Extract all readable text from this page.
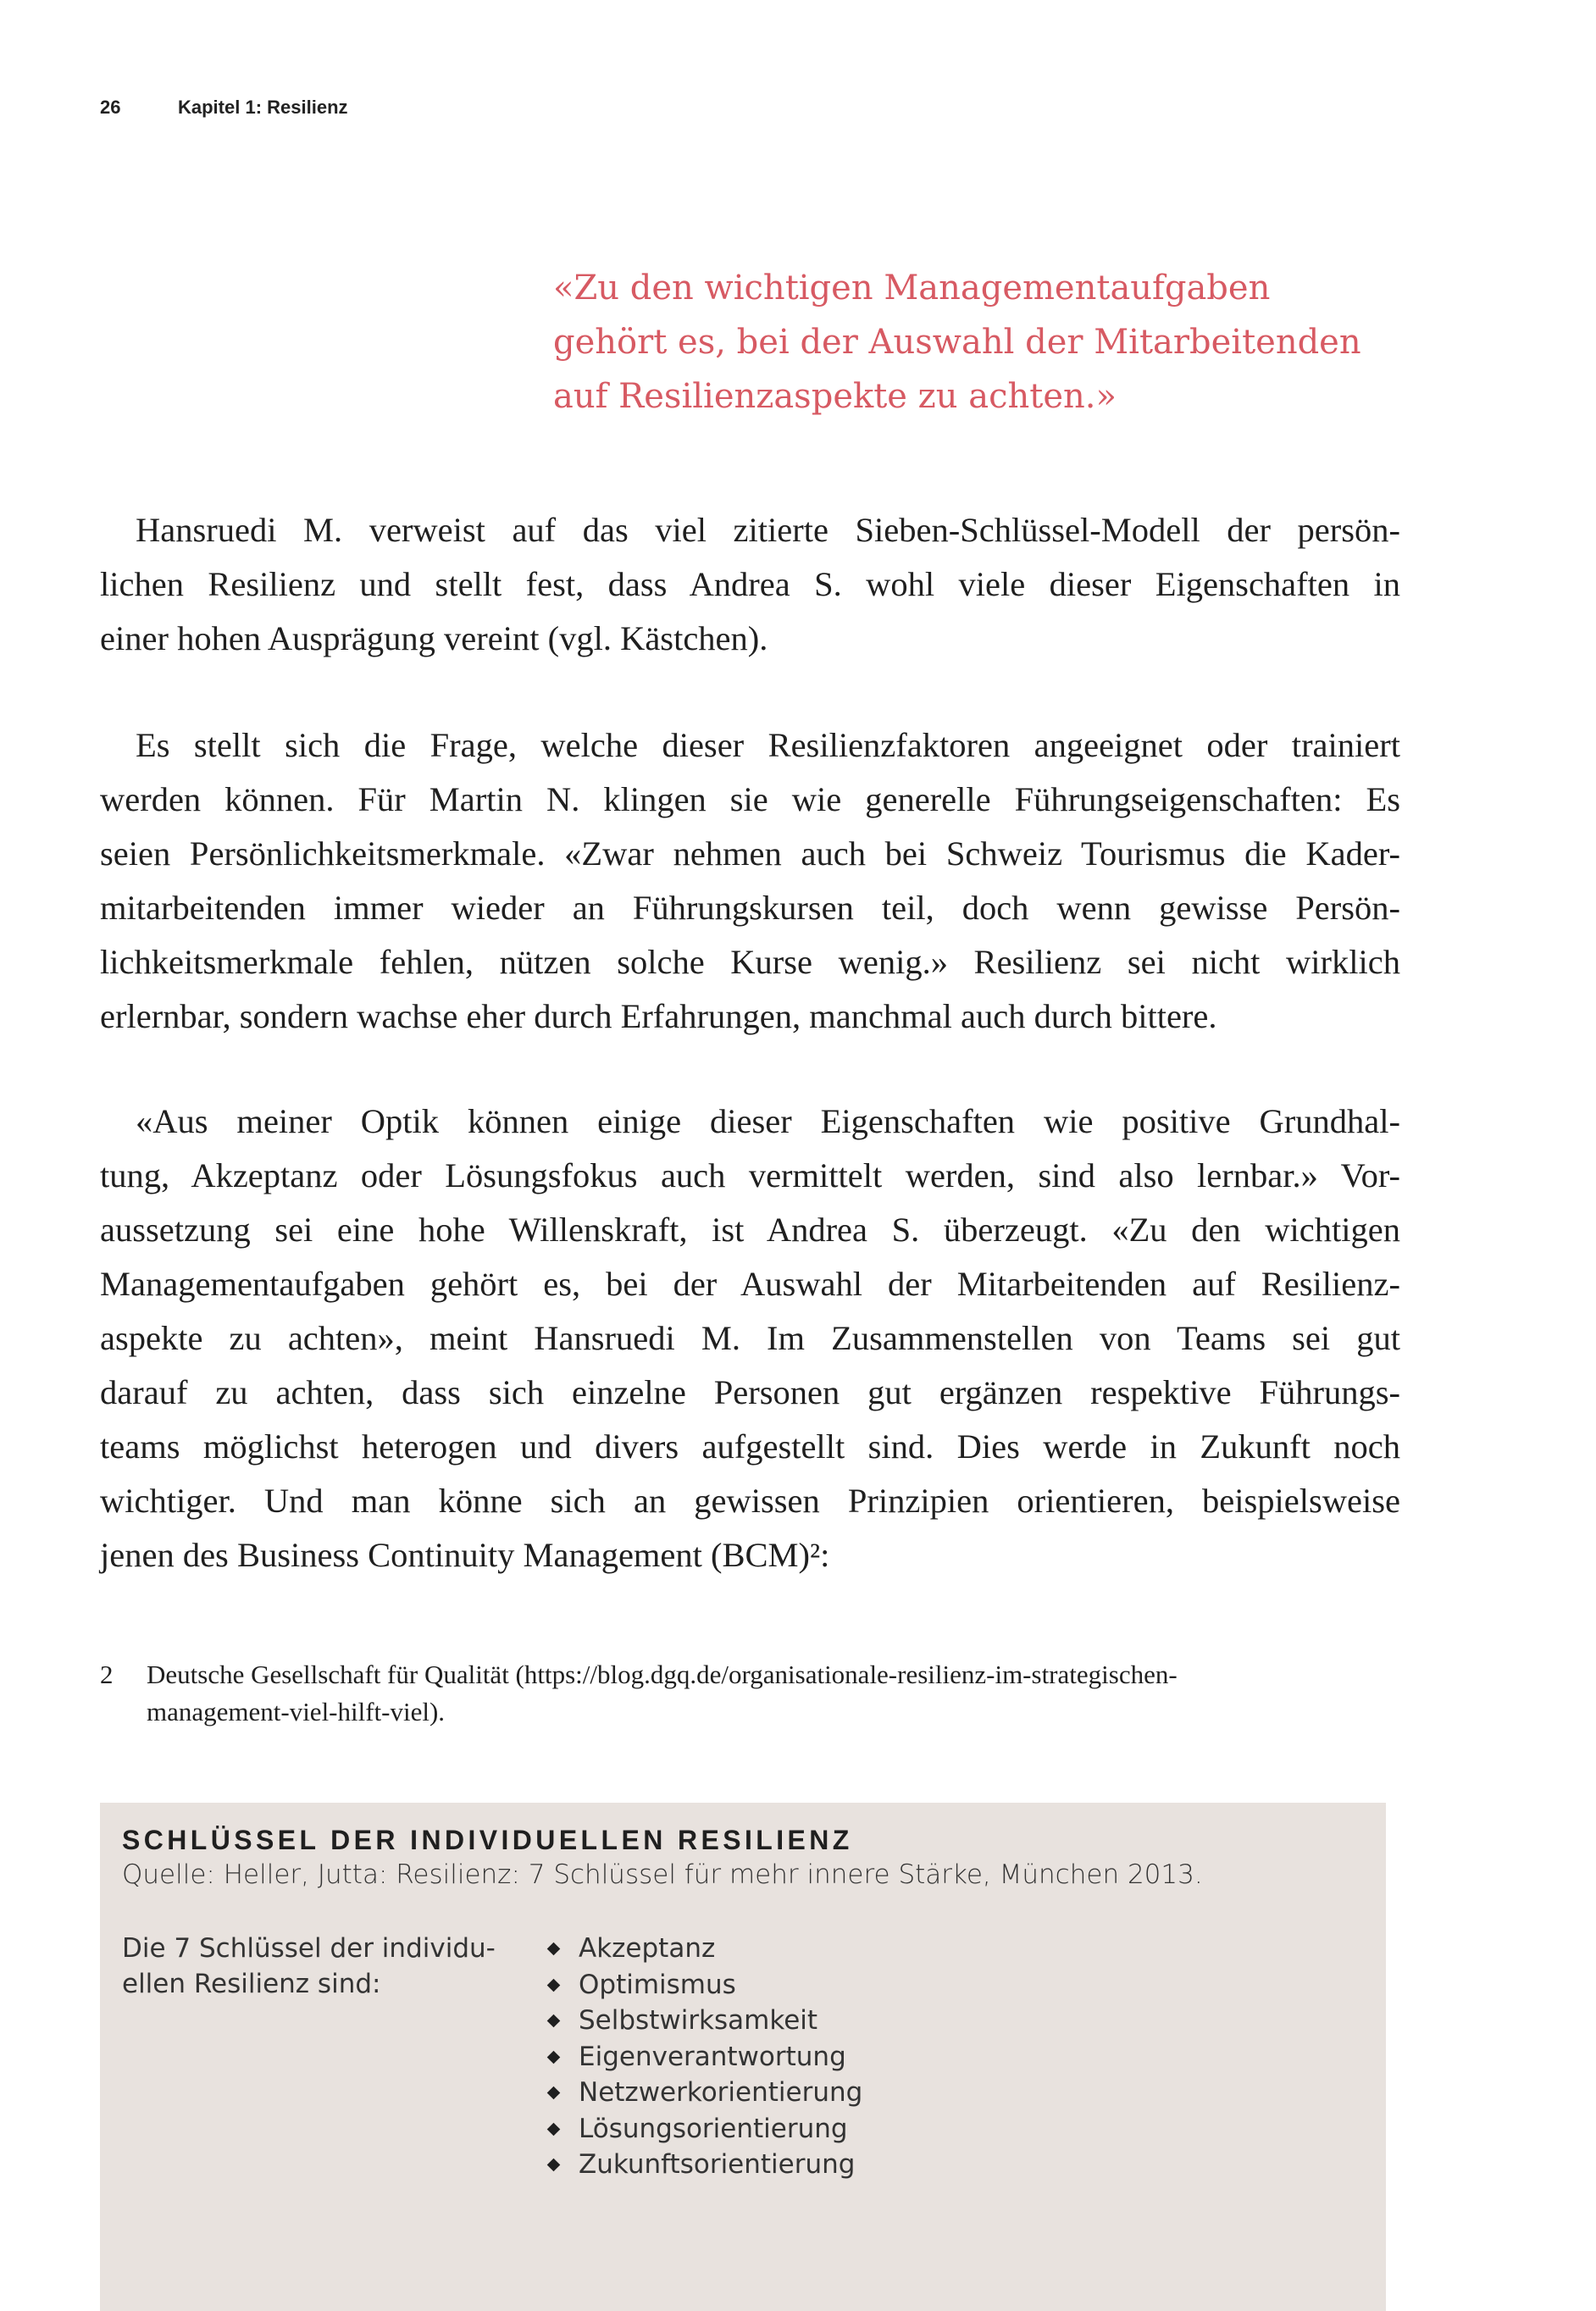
26	Kapitel 1: Resilienz
«Zu den wichtigen Managementaufgaben
gehört es, bei der Auswahl der Mitarbeitenden
auf Resilienzaspekte zu achten.»
Hansruedi M. verweist auf das viel zitierte Sieben-Schlüssel-Modell der persön-
lichen Resilienz und stellt fest, dass Andrea S. wohl viele dieser Eigenschaften in
einer hohen Ausprägung vereint (vgl. Kästchen).
Es stellt sich die Frage, welche dieser Resilienzfaktoren angeeignet oder trainiert
werden können. Für Martin N. klingen sie wie generelle Führungseigenschaften: Es
seien Persönlichkeitsmerkmale. «Zwar nehmen auch bei Schweiz Tourismus die Kader-
mitarbeitenden immer wieder an Führungskursen teil, doch wenn gewisse Persön-
lichkeitsmerkmale fehlen, nützen solche Kurse wenig.» Resilienz sei nicht wirklich
erlernbar, sondern wachse eher durch Erfahrungen, manchmal auch durch bittere.
«Aus meiner Optik können einige dieser Eigenschaften wie positive Grundhal-
tung, Akzeptanz oder Lösungsfokus auch vermittelt werden, sind also lernbar.» Vor-
aussetzung sei eine hohe Willenskraft, ist Andrea S. überzeugt. «Zu den wichtigen
Managementaufgaben gehört es, bei der Auswahl der Mitarbeitenden auf Resilienz-
aspekte zu achten», meint Hansruedi M. Im Zusammenstellen von Teams sei gut
darauf zu achten, dass sich einzelne Personen gut ergänzen respektive Führungs-
teams möglichst heterogen und divers aufgestellt sind. Dies werde in Zukunft noch
wichtiger. Und man könne sich an gewissen Prinzipien orientieren, beispielsweise
jenen des Business Continuity Management (BCM)²:
2 Deutsche Gesellschaft für Qualität (https://blog.dgq.de/organisationale-resilienz-im-strategischen-
management-viel-hilft-viel).
SCHLÜSSEL DER INDIVIDUELLEN RESILIENZ
Quelle: Heller, Jutta: Resilienz: 7 Schlüssel für mehr innere Stärke, München 2013.
Die 7 Schlüssel der individu-
ellen Resilienz sind:
Akzeptanz
Optimismus
Selbstwirksamkeit
Eigenverantwortung
Netzwerkorientierung
Lösungsorientierung
Zukunftsorientierung
